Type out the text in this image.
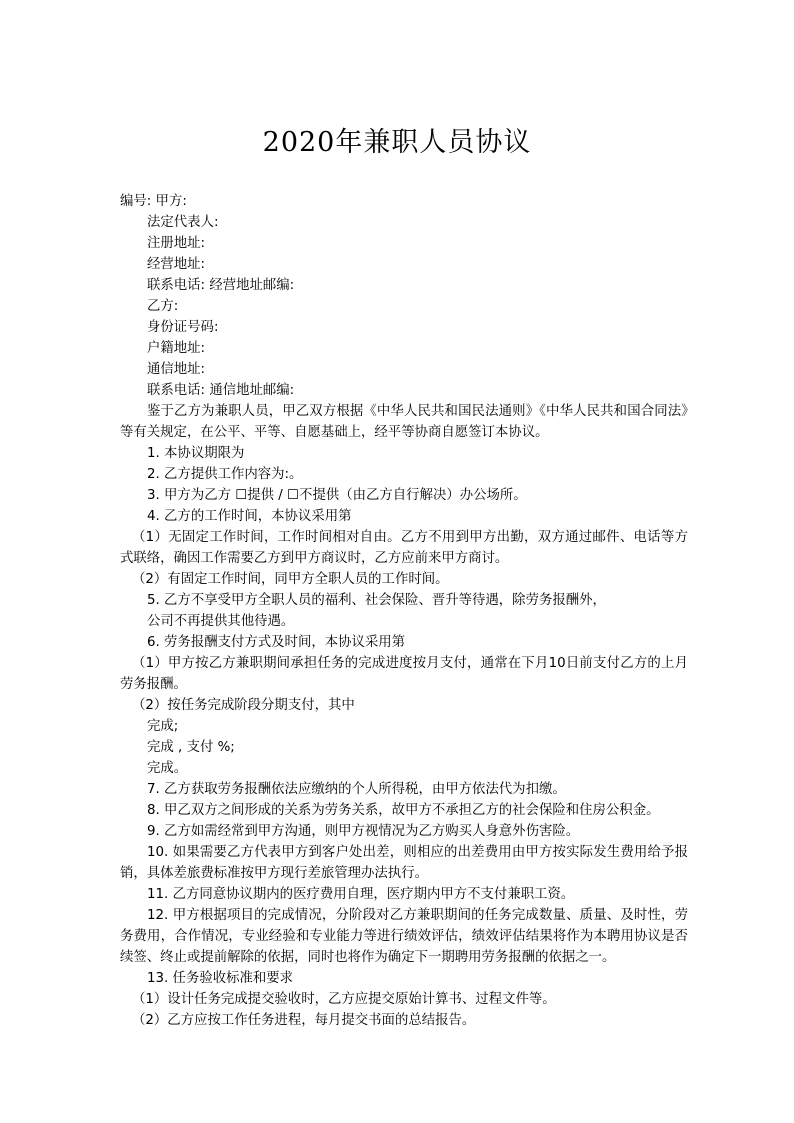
2020年兼职人员协议
编号: 甲方:
法定代表人:
注册地址:
经营地址:
联系电话: 经营地址邮编:
乙方:
身份证号码:
户籍地址:
通信地址:
联系电话: 通信地址邮编:
鉴于乙方为兼职人员，甲乙双方根据《中华人民共和国民法通则》《中华人民共和国合同法》等有关规定，在公平、平等、自愿基础上，经平等协商自愿签订本协议。
1. 本协议期限为
2. 乙方提供工作内容为:。
3. 甲方为乙方 ☐提供 / ☐不提供（由乙方自行解决）办公场所。
4. 乙方的工作时间，本协议采用第
（1）无固定工作时间，工作时间相对自由。乙方不用到甲方出勤，双方通过邮件、电话等方式联络，确因工作需要乙方到甲方商议时，乙方应前来甲方商讨。
（2）有固定工作时间，同甲方全职人员的工作时间。
5. 乙方不享受甲方全职人员的福利、社会保险、晋升等待遇，除劳务报酬外，
公司不再提供其他待遇。
6. 劳务报酬支付方式及时间，本协议采用第
（1）甲方按乙方兼职期间承担任务的完成进度按月支付，通常在下月10日前支付乙方的上月劳务报酬。
（2）按任务完成阶段分期支付，其中
完成;
完成 , 支付 %;
完成。
7. 乙方获取劳务报酬依法应缴纳的个人所得税，由甲方依法代为扣缴。
8. 甲乙双方之间形成的关系为劳务关系，故甲方不承担乙方的社会保险和住房公积金。
9. 乙方如需经常到甲方沟通，则甲方视情况为乙方购买人身意外伤害险。
10. 如果需要乙方代表甲方到客户处出差，则相应的出差费用由甲方按实际发生费用给予报销，具体差旅费标准按甲方现行差旅管理办法执行。
11. 乙方同意协议期内的医疗费用自理，医疗期内甲方不支付兼职工资。
12. 甲方根据项目的完成情况，分阶段对乙方兼职期间的任务完成数量、质量、及时性，劳务费用，合作情况，专业经验和专业能力等进行绩效评估，绩效评估结果将作为本聘用协议是否续签、终止或提前解除的依据，同时也将作为确定下一期聘用劳务报酬的依据之一。
13. 任务验收标准和要求
（1）设计任务完成提交验收时，乙方应提交原始计算书、过程文件等。
（2）乙方应按工作任务进程，每月提交书面的总结报告。
